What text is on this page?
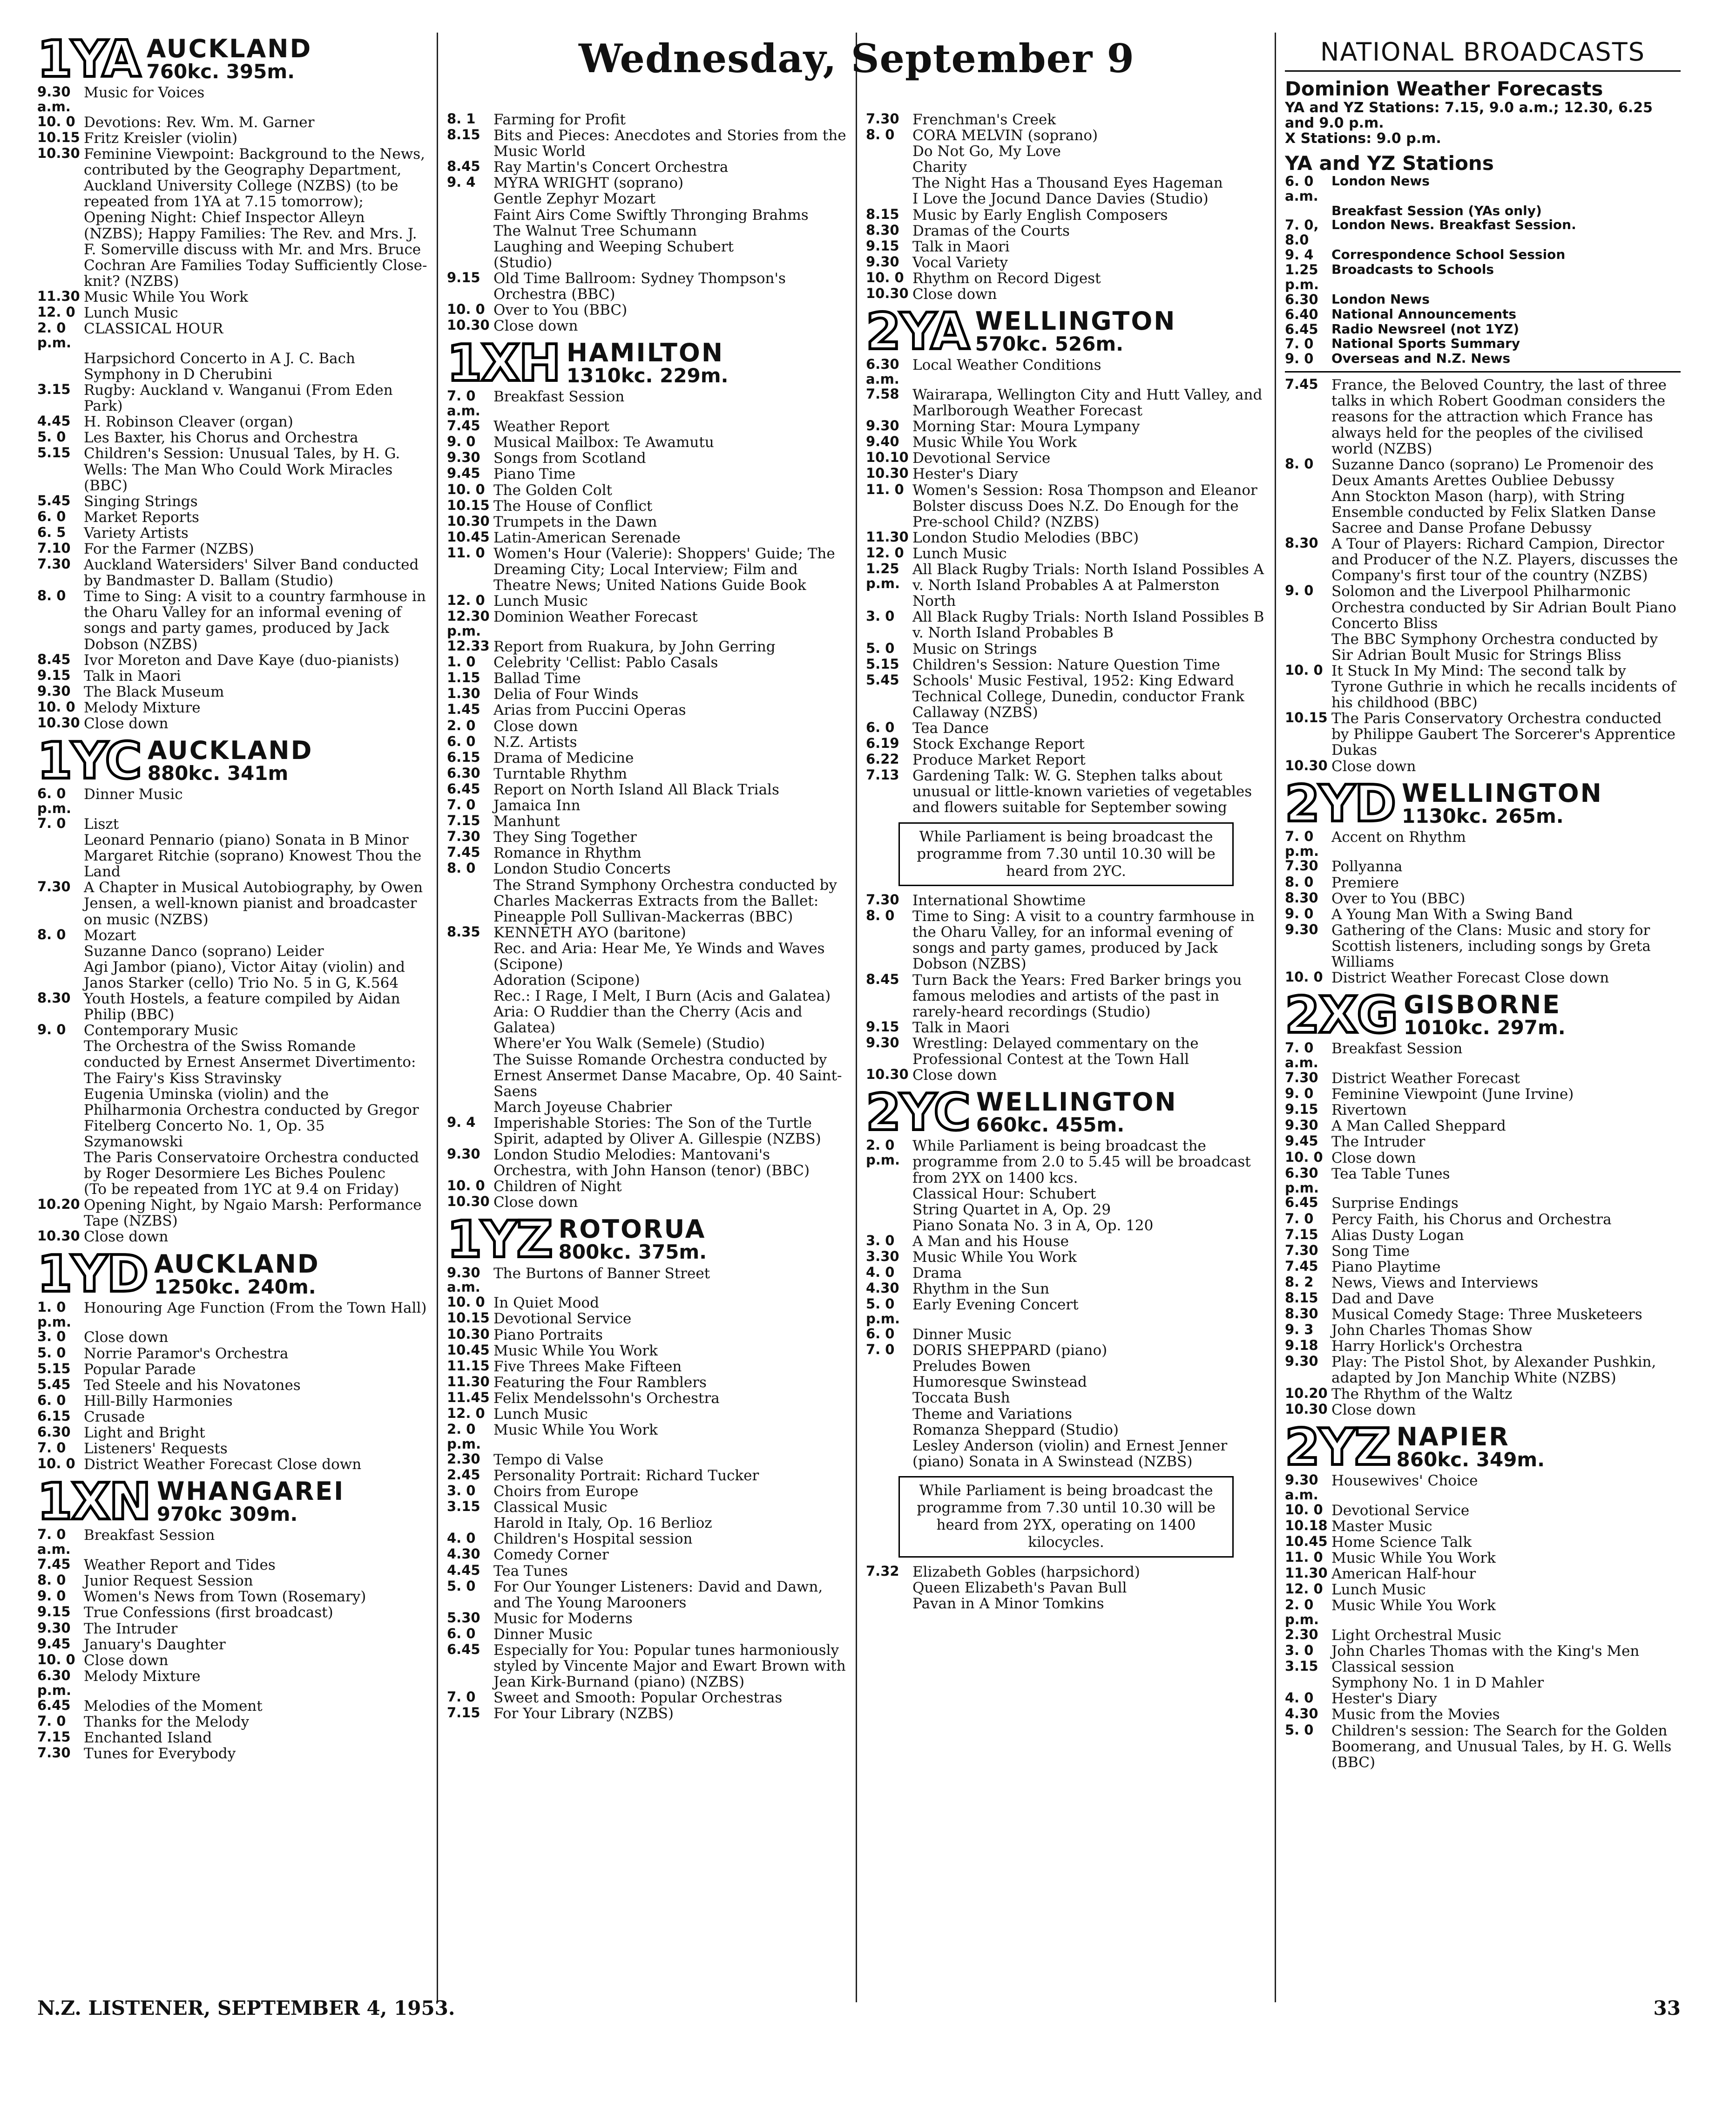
Wednesday, September 9
1YA AUCKLAND
760kc. 395m.
9.30 a.m.
Music for Voices
10. 0 Devotions: Rev. Wm. M. Garner
10.15 Fritz Kreisler (violin)
10.30 Feminine Viewpoint: Background to the News, contributed by the Geography Department, Auckland University College (NZBS) (to be repeated from 1YA at 7.15 tomorrow); Opening Night: Chief Inspector Alleyn (NZBS); Happy Families: The Rev. and Mrs. J. F. Somerville discuss with Mr. and Mrs. Bruce Cochran Are Families Today Sufficiently Close-knit? (NZBS)
11.30 Music While You Work
12. 0 Lunch Music
2. 0 p.m.
CLASSICAL HOUR
Harpsichord Concerto in A J. C. Bach
Symphony in D Cherubini
3.15 Rugby: Auckland v. Wanganui (From Eden Park)
4.45 H. Robinson Cleaver (organ)
5. 0	Les Baxter, his Chorus and Orchestra
5.15 Children's Session: Unusual Tales, by H. G. Wells: The Man Who Could Work Miracles (BBC)
5.45 Singing Strings
6. 0	Market Reports
6. 5	Variety Artists
7.10 For the Farmer (NZBS)
7.30 Auckland Watersiders' Silver Band conducted by Bandmaster D. Ballam (Studio)
8. 0	Time to Sing: A visit to a country farmhouse in the Oharu Valley for an informal evening of songs and party games, produced by Jack Dobson (NZBS)
8.45 Ivor Moreton and Dave Kaye (duo-pianists)
9.15 Talk in Maori
9.30 The Black Museum
10. 0 Melody Mixture
10.30 Close down
1YC AUCKLAND
880kc. 341m
6. 0 p.m.
Dinner Music
7. 0	Liszt
Leonard Pennario (piano) Sonata in B Minor
Margaret Ritchie (soprano) Knowest Thou the Land
7.30 A Chapter in Musical Autobiography, by Owen Jensen, a well-known pianist and broadcaster on music (NZBS)
8. 0	Mozart
Suzanne Danco (soprano) Leider
Agi Jambor (piano), Victor Aitay (violin) and Janos Starker (cello) Trio No. 5 in G, K.564
8.30 Youth Hostels, a feature compiled by Aidan Philip (BBC)
9. 0	Contemporary Music
The Orchestra of the Swiss Romande conducted by Ernest Ansermet Divertimento: The Fairy's Kiss Stravinsky
Eugenia Uminska (violin) and the Philharmonia Orchestra conducted by Gregor Fitelberg Concerto No. 1, Op. 35 Szymanowski
The Paris Conservatoire Orchestra conducted by Roger Desormiere Les Biches Poulenc
(To be repeated from 1YC at 9.4 on Friday)
10.20 Opening Night, by Ngaio Marsh: Performance Tape (NZBS)
10.30 Close down
1YD AUCKLAND
1250kc. 240m.
1. 0 p.m.
Honouring Age Function (From the Town Hall)
3. 0	Close down
5. 0	Norrie Paramor's Orchestra
5.15 Popular Parade
5.45 Ted Steele and his Novatones
6. 0	Hill-Billy Harmonies
6.15 Crusade
6.30 Light and Bright
7. 0	Listeners' Requests
10. 0 District Weather Forecast Close down
1XN WHANGAREI
970kc 309m.
7. 0 a.m.
Breakfast Session
7.45 Weather Report and Tides
8. 0	Junior Request Session
9. 0	Women's News from Town (Rosemary)
9.15 True Confessions (first broadcast)
9.30 The Intruder
9.45 January's Daughter
10. 0 Close down
6.30 p.m.
Melody Mixture
6.45 Melodies of the Moment
7. 0	Thanks for the Melody
7.15 Enchanted Island
7.30 Tunes for Everybody
8. 1	Farming for Profit
8.15 Bits and Pieces: Anecdotes and Stories from the Music World
8.45 Ray Martin's Concert Orchestra
9. 4	MYRA WRIGHT (soprano)
Gentle Zephyr Mozart
Faint Airs Come Swiftly Thronging Brahms
The Walnut Tree Schumann
Laughing and Weeping Schubert
(Studio)
9.15 Old Time Ballroom: Sydney Thompson's Orchestra (BBC)
10. 0 Over to You (BBC)
10.30 Close down
1XH HAMILTON
1310kc. 229m.
7. 0 a.m.
Breakfast Session
7.45 Weather Report
9. 0	Musical Mailbox: Te Awamutu
9.30 Songs from Scotland
9.45 Piano Time
10. 0 The Golden Colt
10.15 The House of Conflict
10.30 Trumpets in the Dawn
10.45 Latin-American Serenade
11. 0 Women's Hour (Valerie): Shoppers' Guide; The Dreaming City; Local Interview; Film and Theatre News; United Nations Guide Book
12. 0 Lunch Music
12.30 p.m.
Dominion Weather Forecast
12.33 Report from Ruakura, by John Gerring
1. 0	Celebrity 'Cellist: Pablo Casals
1.15 Ballad Time
1.30 Delia of Four Winds
1.45 Arias from Puccini Operas
2. 0	Close down
6. 0	N.Z. Artists
6.15 Drama of Medicine
6.30 Turntable Rhythm
6.45 Report on North Island All Black Trials
7. 0	Jamaica Inn
7.15 Manhunt
7.30 They Sing Together
7.45 Romance in Rhythm
8. 0	London Studio Concerts
The Strand Symphony Orchestra conducted by Charles Mackerras Extracts from the Ballet: Pineapple Poll Sullivan-Mackerras (BBC)
8.35 KENNETH AYO (baritone)
Rec. and Aria: Hear Me, Ye Winds and Waves (Scipone)
Adoration (Scipone)
Rec.: I Rage, I Melt, I Burn (Acis and Galatea)
Aria: O Ruddier than the Cherry (Acis and Galatea)
Where'er You Walk (Semele) (Studio)
The Suisse Romande Orchestra conducted by Ernest Ansermet Danse Macabre, Op. 40 Saint-Saens
March Joyeuse Chabrier
9. 4	Imperishable Stories: The Son of the Turtle Spirit, adapted by Oliver A. Gillespie (NZBS)
9.30 London Studio Melodies: Mantovani's Orchestra, with John Hanson (tenor) (BBC)
10. 0 Children of Night
10.30 Close down
1YZ ROTORUA
800kc. 375m.
9.30 a.m.
The Burtons of Banner Street
10. 0 In Quiet Mood
10.15 Devotional Service
10.30 Piano Portraits
10.45 Music While You Work
11.15 Five Threes Make Fifteen
11.30 Featuring the Four Ramblers
11.45 Felix Mendelssohn's Orchestra
12. 0 Lunch Music
2. 0 p.m.
Music While You Work
2.30 Tempo di Valse
2.45 Personality Portrait: Richard Tucker
3. 0	Choirs from Europe
3.15 Classical Music
Harold in Italy, Op. 16 Berlioz
4. 0	Children's Hospital session
4.30 Comedy Corner
4.45 Tea Tunes
5. 0	For Our Younger Listeners: David and Dawn, and The Young Marooners
5.30 Music for Moderns
6. 0	Dinner Music
6.45 Especially for You: Popular tunes harmoniously styled by Vincente Major and Ewart Brown with Jean Kirk-Burnand (piano) (NZBS)
7. 0	Sweet and Smooth: Popular Orchestras
7.15 For Your Library (NZBS)
7.30 Frenchman's Creek
8. 0	CORA MELVIN (soprano)
Do Not Go, My Love
Charity
The Night Has a Thousand Eyes Hageman
I Love the Jocund Dance Davies (Studio)
8.15 Music by Early English Composers
8.30 Dramas of the Courts
9.15 Talk in Maori
9.30 Vocal Variety
10. 0 Rhythm on Record Digest
10.30 Close down
2YA WELLINGTON
570kc. 526m.
6.30 a.m.
Local Weather Conditions
7.58 Wairarapa, Wellington City and Hutt Valley, and Marlborough Weather Forecast
9.30 Morning Star: Moura Lympany
9.40 Music While You Work
10.10 Devotional Service
10.30 Hester's Diary
11. 0 Women's Session: Rosa Thompson and Eleanor Bolster discuss Does N.Z. Do Enough for the Pre-school Child? (NZBS)
11.30 London Studio Melodies (BBC)
12. 0 Lunch Music
1.25 p.m.
All Black Rugby Trials: North Island Possibles A v. North Island Probables A at Palmerston North
3. 0	All Black Rugby Trials: North Island Possibles B v. North Island Probables B
5. 0	Music on Strings
5.15 Children's Session: Nature Question Time
5.45 Schools' Music Festival, 1952: King Edward Technical College, Dunedin, conductor Frank Callaway (NZBS)
6. 0	Tea Dance
6.19 Stock Exchange Report
6.22 Produce Market Report
7.13 Gardening Talk: W. G. Stephen talks about unusual or little-known varieties of vegetables and flowers suitable for September sowing
While Parliament is being broadcast the programme from 7.30 until 10.30 will be heard from 2YC.
7.30 International Showtime
8. 0	Time to Sing: A visit to a country farmhouse in the Oharu Valley, for an informal evening of songs and party games, produced by Jack Dobson (NZBS)
8.45 Turn Back the Years: Fred Barker brings you famous melodies and artists of the past in rarely-heard recordings (Studio)
9.15 Talk in Maori
9.30 Wrestling: Delayed commentary on the Professional Contest at the Town Hall
10.30 Close down
2YC WELLINGTON
660kc. 455m.
2. 0 p.m.
While Parliament is being broadcast the programme from 2.0 to 5.45 will be broadcast from 2YX on 1400 kcs.
Classical Hour: Schubert
String Quartet in A, Op. 29
Piano Sonata No. 3 in A, Op. 120
3. 0	A Man and his House
3.30 Music While You Work
4. 0	Drama
4.30 Rhythm in the Sun
5. 0 p.m.
Early Evening Concert
6. 0	Dinner Music
7. 0	DORIS SHEPPARD (piano)
Preludes Bowen
Humoresque Swinstead
Toccata Bush
Theme and Variations
Romanza Sheppard (Studio)
Lesley Anderson (violin) and Ernest Jenner (piano) Sonata in A Swinstead (NZBS)
While Parliament is being broadcast the programme from 7.30 until 10.30 will be heard from 2YX, operating on 1400 kilocycles.
7.32 Elizabeth Gobles (harpsichord)
Queen Elizabeth's Pavan Bull
Pavan in A Minor Tomkins
NATIONAL BROADCASTS
Dominion Weather Forecasts
YA and YZ Stations: 7.15, 9.0 a.m.; 12.30, 6.25 and 9.0 p.m.
X Stations: 9.0 p.m.
YA and YZ Stations
6. 0 a.m.
London News
Breakfast Session (YAs only)
7. 0, 8.0
London News. Breakfast Session.
9. 4	Correspondence School Session
1.25 p.m.
Broadcasts to Schools
6.30	London News
6.40	National Announcements
6.45	Radio Newsreel (not 1YZ)
7. 0	National Sports Summary
9. 0	Overseas and N.Z. News
7.45 France, the Beloved Country, the last of three talks in which Robert Goodman considers the reasons for the attraction which France has always held for the peoples of the civilised world (NZBS)
8. 0	Suzanne Danco (soprano) Le Promenoir des Deux Amants Arettes Oubliee Debussy
Ann Stockton Mason (harp), with String Ensemble conducted by Felix Slatken Danse Sacree and Danse Profane Debussy
8.30 A Tour of Players: Richard Campion, Director and Producer of the N.Z. Players, discusses the Company's first tour of the country (NZBS)
9. 0	Solomon and the Liverpool Philharmonic Orchestra conducted by Sir Adrian Boult Piano Concerto Bliss
The BBC Symphony Orchestra conducted by Sir Adrian Boult Music for Strings Bliss
10. 0 It Stuck In My Mind: The second talk by Tyrone Guthrie in which he recalls incidents of his childhood (BBC)
10.15 The Paris Conservatory Orchestra conducted by Philippe Gaubert The Sorcerer's Apprentice Dukas
10.30 Close down
2YD WELLINGTON
1130kc. 265m.
7. 0 p.m.
Accent on Rhythm
7.30 Pollyanna
8. 0	Premiere
8.30 Over to You (BBC)
9. 0	A Young Man With a Swing Band
9.30 Gathering of the Clans: Music and story for Scottish listeners, including songs by Greta Williams
10. 0 District Weather Forecast Close down
2XG GISBORNE
1010kc. 297m.
7. 0 a.m.
Breakfast Session
7.30 District Weather Forecast
9. 0	Feminine Viewpoint (June Irvine)
9.15 Rivertown
9.30 A Man Called Sheppard
9.45 The Intruder
10. 0 Close down
6.30 p.m.
Tea Table Tunes
6.45 Surprise Endings
7. 0	Percy Faith, his Chorus and Orchestra
7.15 Alias Dusty Logan
7.30 Song Time
7.45 Piano Playtime
8. 2	News, Views and Interviews
8.15 Dad and Dave
8.30 Musical Comedy Stage: Three Musketeers
9. 3	John Charles Thomas Show
9.18 Harry Horlick's Orchestra
9.30 Play: The Pistol Shot, by Alexander Pushkin, adapted by Jon Manchip White (NZBS)
10.20 The Rhythm of the Waltz
10.30 Close down
2YZ NAPIER
860kc. 349m.
9.30 a.m.
Housewives' Choice
10. 0 Devotional Service
10.18 Master Music
10.45 Home Science Talk
11. 0 Music While You Work
11.30 American Half-hour
12. 0 Lunch Music
2. 0 p.m.
Music While You Work
2.30 Light Orchestral Music
3. 0	John Charles Thomas with the King's Men
3.15 Classical session
Symphony No. 1 in D Mahler
4. 0	Hester's Diary
4.30 Music from the Movies
5. 0	Children's session: The Search for the Golden Boomerang, and Unusual Tales, by H. G. Wells (BBC)
N.Z. LISTENER, SEPTEMBER 4, 1953.	33
